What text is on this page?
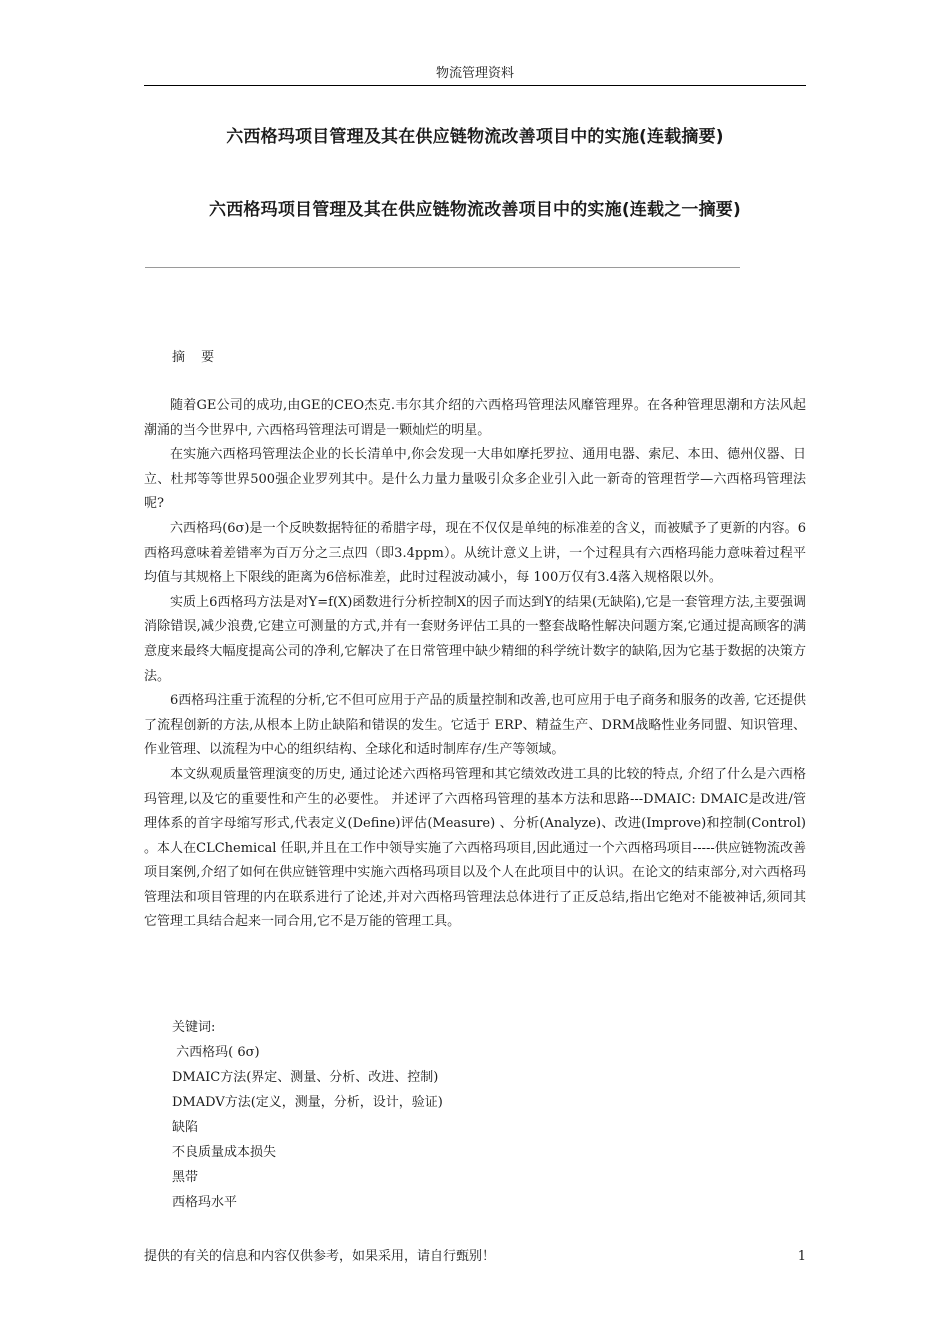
物流管理资料
六西格玛项目管理及其在供应链物流改善项目中的实施(连载摘要)
六西格玛项目管理及其在供应链物流改善项目中的实施(连载之一摘要)
摘 要

随着GE公司的成功,由GE的CEO杰克.韦尔其介绍的六西格玛管理法风靡管理界。在各种管理思潮和方法风起潮涌的当今世界中, 六西格玛管理法可谓是一颗灿烂的明星。

在实施六西格玛管理法企业的长长清单中,你会发现一大串如摩托罗拉、通用电器、索尼、本田、德州仪器、日立、杜邦等等世界500强企业罗列其中。是什么力量力量吸引众多企业引入此一新奇的管理哲学—六西格玛管理法呢?

六西格玛(6σ)是一个反映数据特征的希腊字母，现在不仅仅是单纯的标准差的含义，而被赋予了更新的内容。6西格玛意味着差错率为百万分之三点四（即3.4ppm）。从统计意义上讲，一个过程具有六西格玛能力意味着过程平均值与其规格上下限线的距离为6倍标准差，此时过程波动减小，每 100万仅有3.4落入规格限以外。

实质上6西格玛方法是对Y=f(X)函数进行分析控制X的因子而达到Y的结果(无缺陷),它是一套管理方法,主要强调消除错误,减少浪费,它建立可测量的方式,并有一套财务评估工具的一整套战略性解决问题方案,它通过提高顾客的满意度来最终大幅度提高公司的净利,它解决了在日常管理中缺少精细的科学统计数字的缺陷,因为它基于数据的决策方法。

6西格玛注重于流程的分析,它不但可应用于产品的质量控制和改善,也可应用于电子商务和服务的改善, 它还提供了流程创新的方法,从根本上防止缺陷和错误的发生。它适于 ERP、精益生产、DRM战略性业务同盟、知识管理、作业管理、以流程为中心的组织结构、全球化和适时制库存/生产等领域。

本文纵观质量管理演变的历史, 通过论述六西格玛管理和其它绩效改进工具的比较的特点, 介绍了什么是六西格玛管理,以及它的重要性和产生的必要性。 并述评了六西格玛管理的基本方法和思路---DMAIC: DMAIC是改进/管理体系的首字母缩写形式,代表定义(Define)评估(Measure) 、分析(Analyze)、改进(Improve)和控制(Control) 。本人在CLChemical 任职,并且在工作中领导实施了六西格玛项目,因此通过一个六西格玛项目-----供应链物流改善项目案例,介绍了如何在供应链管理中实施六西格玛项目以及个人在此项目中的认识。在论文的结束部分,对六西格玛管理法和项目管理的内在联系进行了论述,并对六西格玛管理法总体进行了正反总结,指出它绝对不能被神话,须同其它管理工具结合起来一同合用,它不是万能的管理工具。

关键词:
六西格玛( 6σ)
DMAIC方法(界定、测量、分析、改进、控制)
DMADV方法(定义，测量，分析，设计，验证)
缺陷
不良质量成本损失
黑带
西格玛水平
提供的有关的信息和内容仅供参考，如果采用，请自行甄别！	1
